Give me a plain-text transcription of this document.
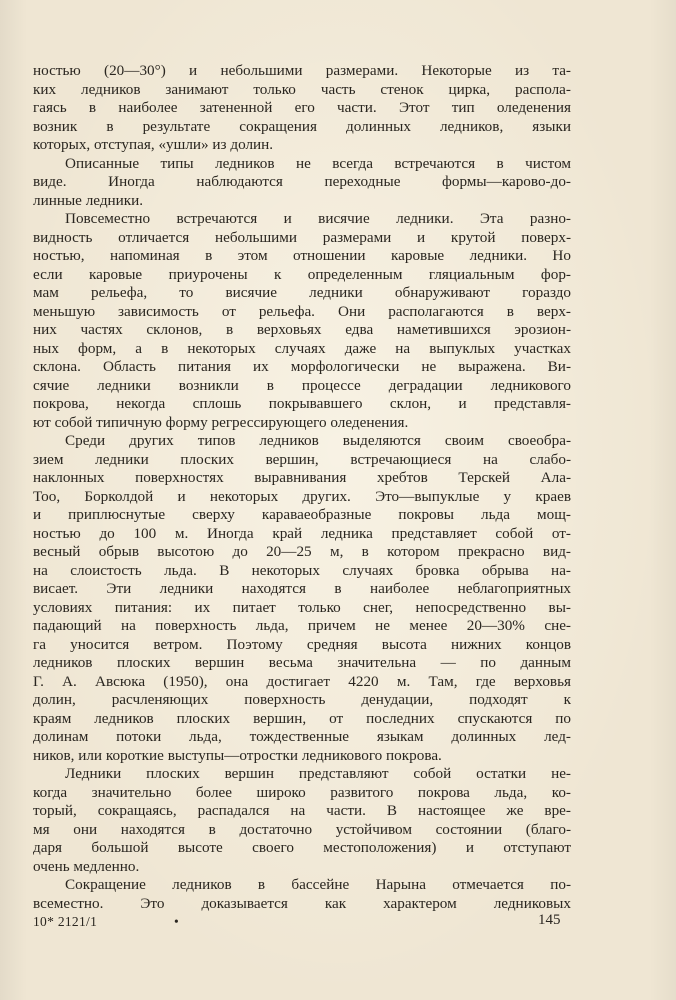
ностью (20—30°) и небольшими размерами. Некоторые из та-
ких ледников занимают только часть стенок цирка, распола-
гаясь в наиболее затененной его части. Этот тип оледенения
возник в результате сокращения долинных ледников, языки
которых, отступая, «ушли» из долин.
Описанные типы ледников не всегда встречаются в чистом
виде. Иногда наблюдаются переходные формы—карово-до-
линные ледники.
Повсеместно встречаются и висячие ледники. Эта разно-
видность отличается небольшими размерами и крутой поверх-
ностью, напоминая в этом отношении каровые ледники. Но
если каровые приурочены к определенным гляциальным фор-
мам рельефа, то висячие ледники обнаруживают гораздо
меньшую зависимость от рельефа. Они располагаются в верх-
них частях склонов, в верховьях едва наметившихся эрозион-
ных форм, а в некоторых случаях даже на выпуклых участках
склона. Область питания их морфологически не выражена. Ви-
сячие ледники возникли в процессе деградации ледникового
покрова, некогда сплошь покрывавшего склон, и представля-
ют собой типичную форму регрессирующего оледенения.
Среди других типов ледников выделяются своим своеобра-
зием ледники плоских вершин, встречающиеся на слабо-
наклонных поверхностях выравнивания хребтов Терскей Ала-
Тоо, Борколдой и некоторых других. Это—выпуклые у краев
и приплюснутые сверху караваеобразные покровы льда мощ-
ностью до 100 м. Иногда край ледника представляет собой от-
весный обрыв высотою до 20—25 м, в котором прекрасно вид-
на слоистость льда. В некоторых случаях бровка обрыва на-
висает. Эти ледники находятся в наиболее неблагоприятных
условиях питания: их питает только снег, непосредственно вы-
падающий на поверхность льда, причем не менее 20—30% сне-
га уносится ветром. Поэтому средняя высота нижних концов
ледников плоских вершин весьма значительна — по данным
Г. А. Авсюка (1950), она достигает 4220 м. Там, где верховья
долин, расчленяющих поверхность денудации, подходят к
краям ледников плоских вершин, от последних спускаются по
долинам потоки льда, тождественные языкам долинных лед-
ников, или короткие выступы—отростки ледникового покрова.
Ледники плоских вершин представляют собой остатки не-
когда значительно более широко развитого покрова льда, ко-
торый, сокращаясь, распадался на части. В настоящее же вре-
мя они находятся в достаточно устойчивом состоянии (благо-
даря большой высоте своего местоположения) и отступают
очень медленно.
Сокращение ледников в бассейне Нарына отмечается по-
всеместно. Это доказывается как характером ледниковых
10* 2121/1	•	145
